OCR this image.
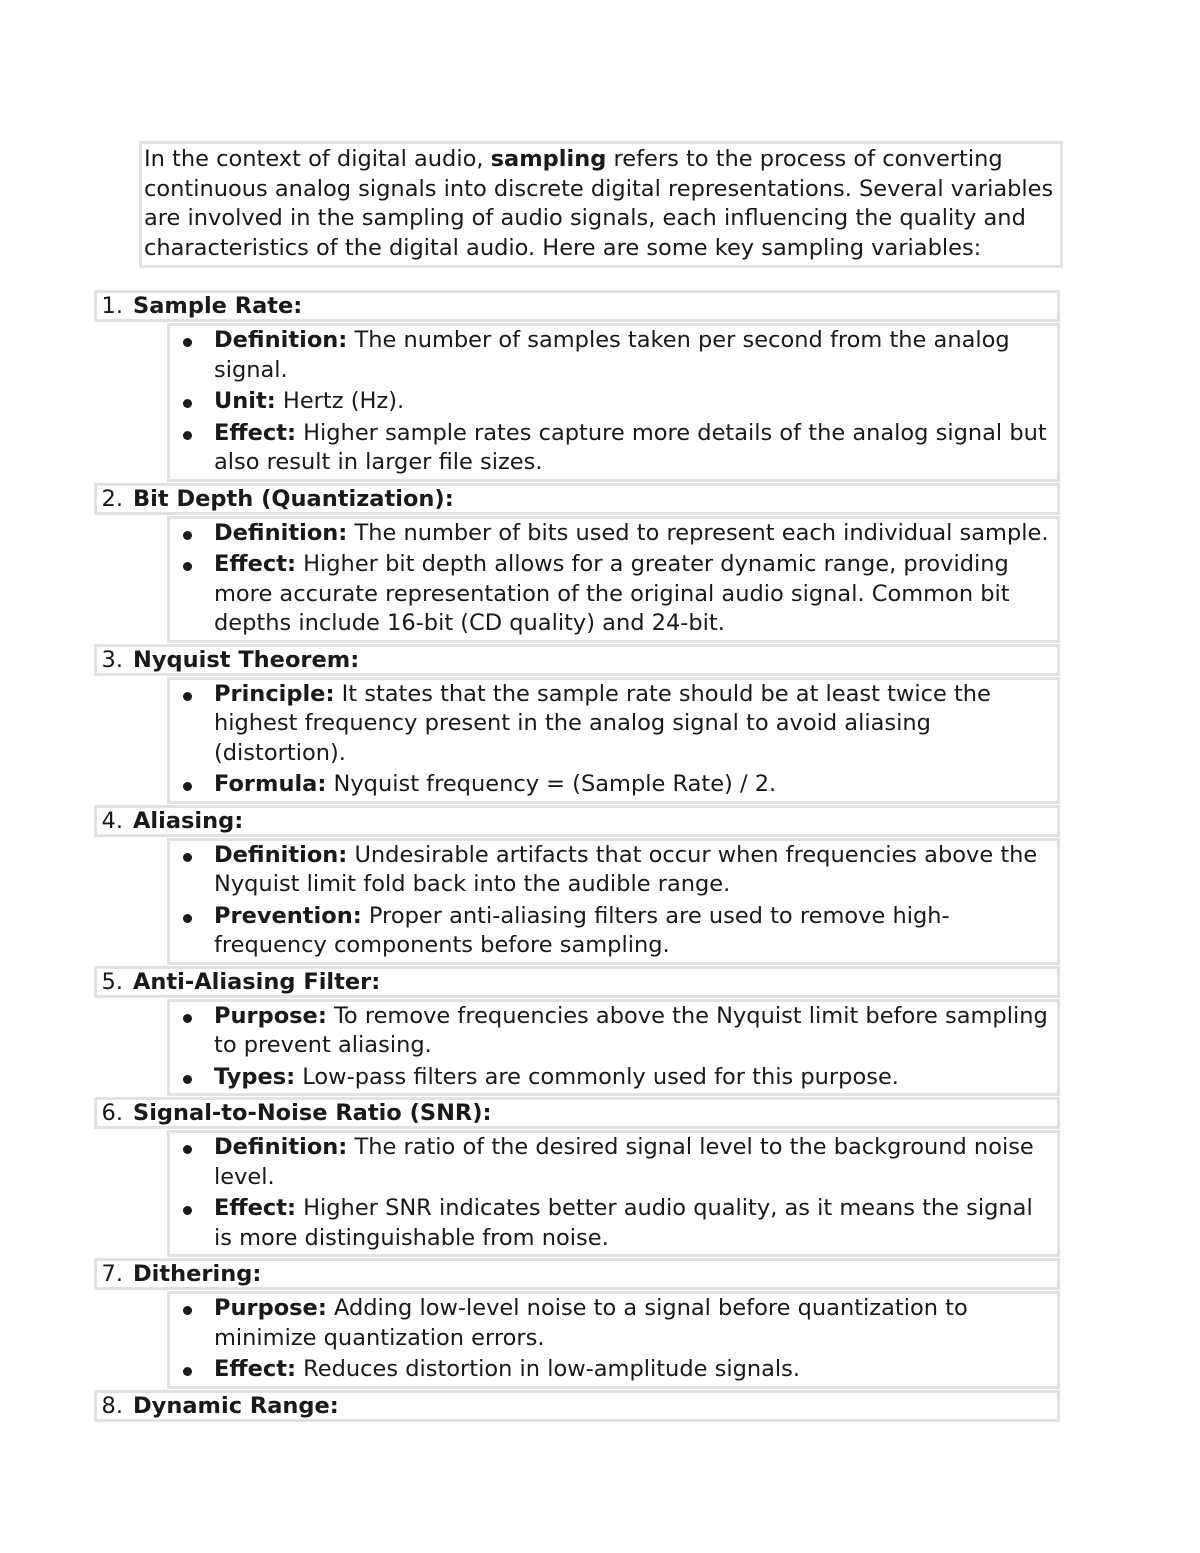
In the context of digital audio, sampling refers to the process of converting continuous analog signals into discrete digital representations. Several variables are involved in the sampling of audio signals, each influencing the quality and characteristics of the digital audio. Here are some key sampling variables:
1. Sample Rate:
Definition: The number of samples taken per second from the analog signal.
Unit: Hertz (Hz).
Effect: Higher sample rates capture more details of the analog signal but also result in larger file sizes.
2. Bit Depth (Quantization):
Definition: The number of bits used to represent each individual sample.
Effect: Higher bit depth allows for a greater dynamic range, providing more accurate representation of the original audio signal. Common bit depths include 16-bit (CD quality) and 24-bit.
3. Nyquist Theorem:
Principle: It states that the sample rate should be at least twice the highest frequency present in the analog signal to avoid aliasing (distortion).
Formula: Nyquist frequency = (Sample Rate) / 2.
4. Aliasing:
Definition: Undesirable artifacts that occur when frequencies above the Nyquist limit fold back into the audible range.
Prevention: Proper anti-aliasing filters are used to remove high-frequency components before sampling.
5. Anti-Aliasing Filter:
Purpose: To remove frequencies above the Nyquist limit before sampling to prevent aliasing.
Types: Low-pass filters are commonly used for this purpose.
6. Signal-to-Noise Ratio (SNR):
Definition: The ratio of the desired signal level to the background noise level.
Effect: Higher SNR indicates better audio quality, as it means the signal is more distinguishable from noise.
7. Dithering:
Purpose: Adding low-level noise to a signal before quantization to minimize quantization errors.
Effect: Reduces distortion in low-amplitude signals.
8. Dynamic Range:
